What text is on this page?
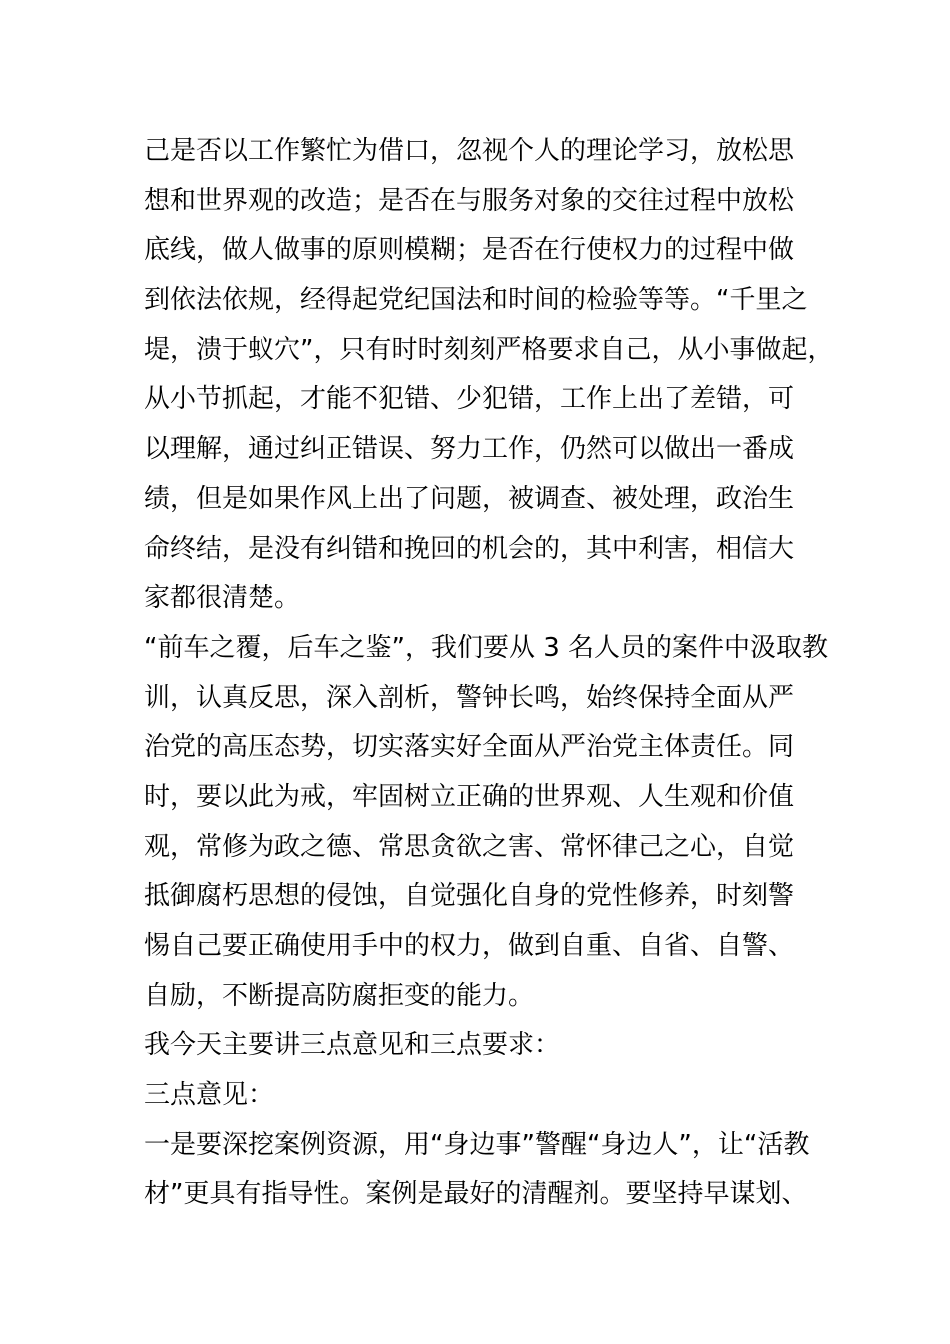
己是否以工作繁忙为借口，忽视个人的理论学习，放松思
想和世界观的改造；是否在与服务对象的交往过程中放松
底线，做人做事的原则模糊；是否在行使权力的过程中做
到依法依规，经得起党纪国法和时间的检验等等。“千里之
堤，溃于蚁穴”，只有时时刻刻严格要求自己，从小事做起，
从小节抓起，才能不犯错、少犯错，工作上出了差错，可
以理解，通过纠正错误、努力工作，仍然可以做出一番成
绩，但是如果作风上出了问题，被调查、被处理，政治生
命终结，是没有纠错和挽回的机会的，其中利害，相信大
家都很清楚。
“前车之覆，后车之鉴”，我们要从 3 名人员的案件中汲取教
训，认真反思，深入剖析，警钟长鸣，始终保持全面从严
治党的高压态势，切实落实好全面从严治党主体责任。同
时，要以此为戒，牢固树立正确的世界观、人生观和价值
观，常修为政之德、常思贪欲之害、常怀律己之心，自觉
抵御腐朽思想的侵蚀，自觉强化自身的党性修养，时刻警
惕自己要正确使用手中的权力，做到自重、自省、自警、
自励，不断提高防腐拒变的能力。
我今天主要讲三点意见和三点要求：
三点意见：
一是要深挖案例资源，用“身边事”警醒“身边人”，让“活教
材”更具有指导性。案例是最好的清醒剂。要坚持早谋划、
